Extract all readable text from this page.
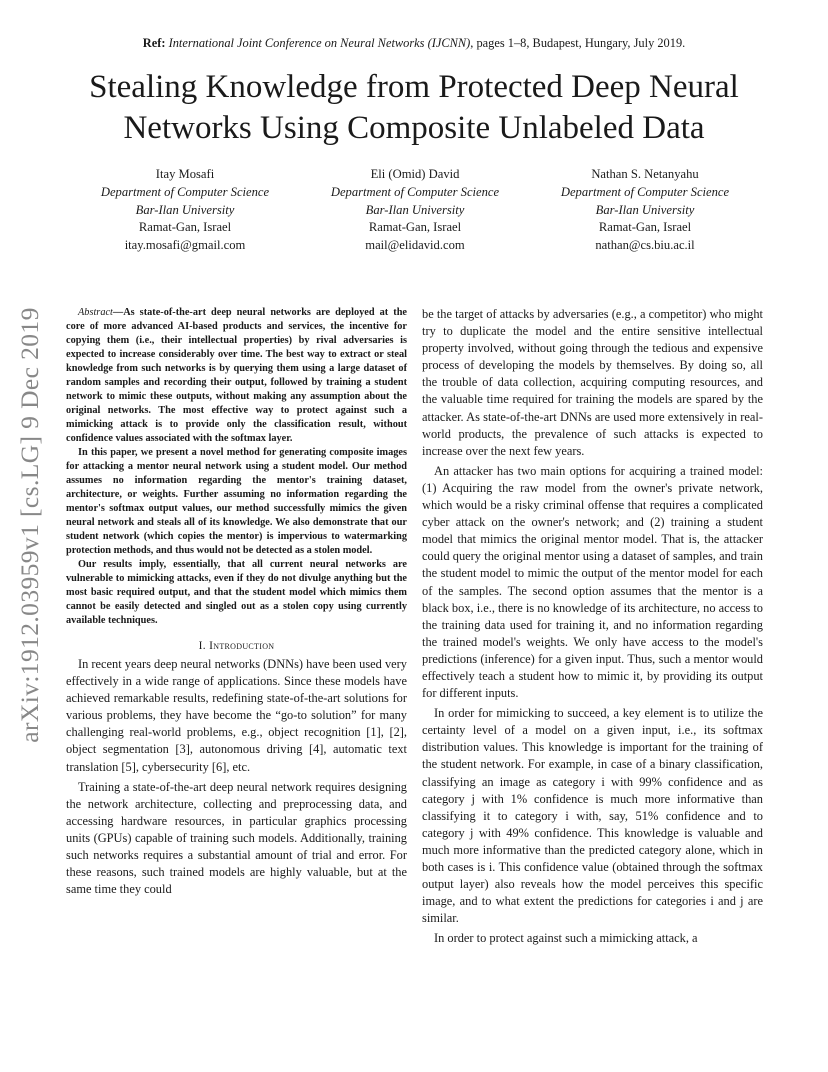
Ref: International Joint Conference on Neural Networks (IJCNN), pages 1–8, Budapest, Hungary, July 2019.
Stealing Knowledge from Protected Deep Neural
Networks Using Composite Unlabeled Data
Itay Mosafi
Department of Computer Science
Bar-Ilan University
Ramat-Gan, Israel
itay.mosafi@gmail.com
Eli (Omid) David
Department of Computer Science
Bar-Ilan University
Ramat-Gan, Israel
mail@elidavid.com
Nathan S. Netanyahu
Department of Computer Science
Bar-Ilan University
Ramat-Gan, Israel
nathan@cs.biu.ac.il
arXiv:1912.03959v1 [cs.LG] 9 Dec 2019	Abstract—As state-of-the-art deep neural networks are deployed at the core of more advanced AI-based products and services, the incentive for copying them (i.e., their intellectual properties) by rival adversaries is expected to increase considerably over time. The best way to extract or steal knowledge from such networks is by querying them using a large dataset of random samples and recording their output, followed by training a student network to mimic these outputs, without making any assumption about the original networks. The most effective way to protect against such a mimicking attack is to provide only the classification result, without confidence values associated with the softmax layer.

In this paper, we present a novel method for generating composite images for attacking a mentor neural network using a student model. Our method assumes no information regarding the mentor's training dataset, architecture, or weights. Further assuming no information regarding the mentor's softmax output values, our method successfully mimics the given neural network and steals all of its knowledge. We also demonstrate that our student network (which copies the mentor) is impervious to watermarking protection methods, and thus would not be detected as a stolen model.

Our results imply, essentially, that all current neural networks are vulnerable to mimicking attacks, even if they do not divulge anything but the most basic required output, and that the student model which mimics them cannot be easily detected and singled out as a stolen copy using currently available techniques.

I. Introduction

In recent years deep neural networks (DNNs) have been used very effectively in a wide range of applications. Since these models have achieved remarkable results, redefining state-of-the-art solutions for various problems, they have become the “go-to solution” for many challenging real-world problems, e.g., object recognition [1], [2], object segmentation [3], autonomous driving [4], automatic text translation [5], cybersecurity [6], etc.

Training a state-of-the-art deep neural network requires designing the network architecture, collecting and preprocessing data, and accessing hardware resources, in particular graphics processing units (GPUs) capable of training such models. Additionally, training such networks requires a substantial amount of trial and error. For these reasons, such trained models are highly valuable, but at the same time they could

be the target of attacks by adversaries (e.g., a competitor) who might try to duplicate the model and the entire sensitive intellectual property involved, without going through the tedious and expensive process of developing the models by themselves. By doing so, all the trouble of data collection, acquiring computing resources, and the valuable time required for training the models are spared by the attacker. As state-of-the-art DNNs are used more extensively in real-world products, the prevalence of such attacks is expected to increase over the next few years.

An attacker has two main options for acquiring a trained model: (1) Acquiring the raw model from the owner's private network, which would be a risky criminal offense that requires a complicated cyber attack on the owner's network; and (2) training a student model that mimics the original mentor model. That is, the attacker could query the original mentor using a dataset of samples, and train the student model to mimic the output of the mentor model for each of the samples. The second option assumes that the mentor is a black box, i.e., there is no knowledge of its architecture, no access to the training data used for training it, and no information regarding the trained model's weights. We only have access to the model's predictions (inference) for a given input. Thus, such a mentor would effectively teach a student how to mimic it, by providing its output for different inputs.

In order for mimicking to succeed, a key element is to utilize the certainty level of a model on a given input, i.e., its softmax distribution values. This knowledge is important for the training of the student network. For example, in case of a binary classification, classifying an image as category i with 99% confidence and as category j with 1% confidence is much more informative than classifying it to category i with, say, 51% confidence and to category j with 49% confidence. This knowledge is valuable and much more informative than the predicted category alone, which in both cases is i. This confidence value (obtained through the softmax output layer) also reveals how the model perceives this specific image, and to what extent the predictions for categories i and j are similar.

In order to protect against such a mimicking attack, a
